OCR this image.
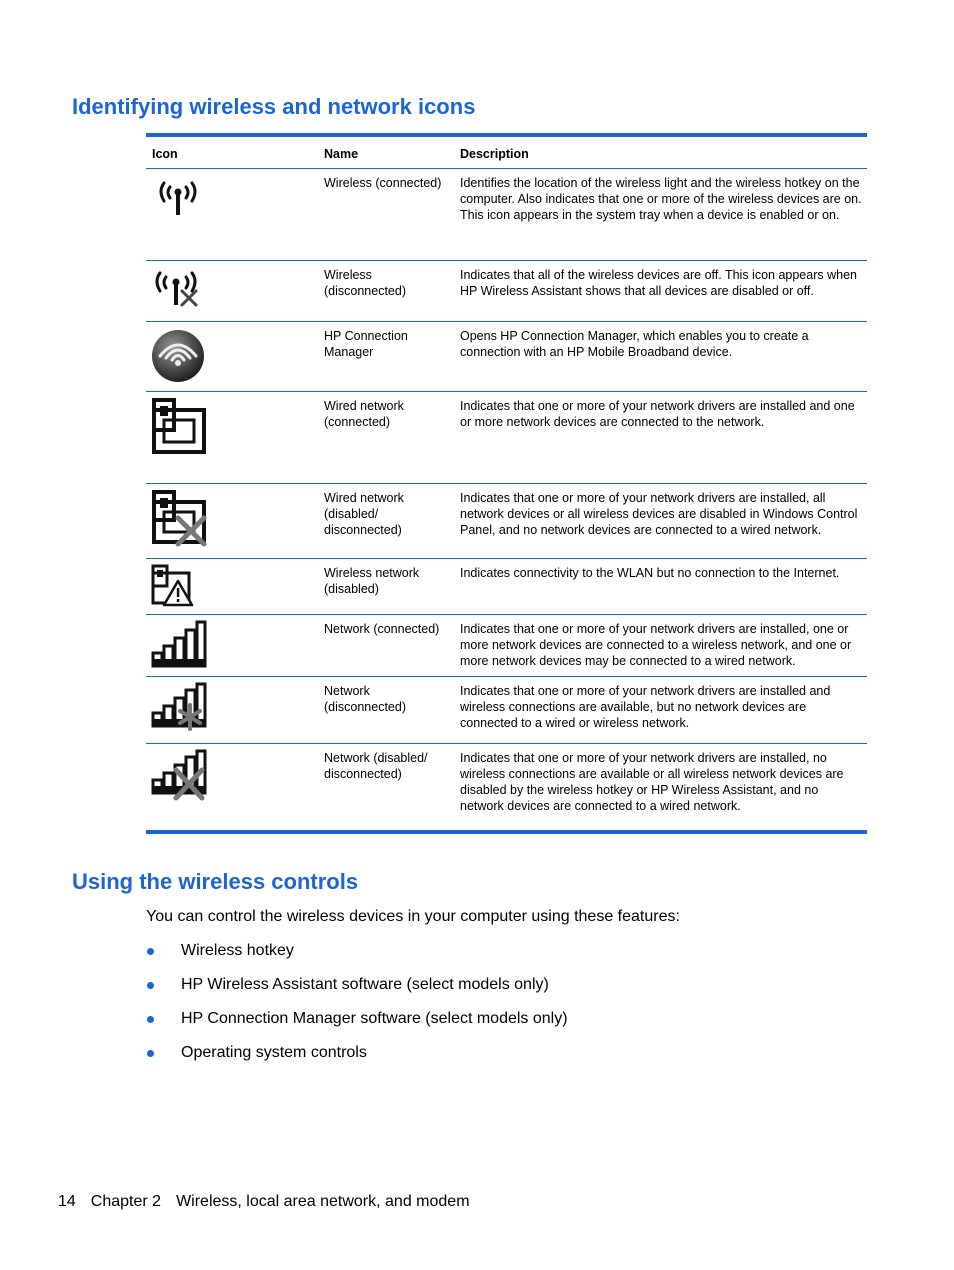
Identifying wireless and network icons
Icon	Name	Description

	Wireless (connected)	Identifies the location of the wireless light and the wireless hotkey on the computer. Also indicates that one or more of the wireless devices are on. This icon appears in the system tray when a device is enabled or on.

	Wireless (disconnected)	Indicates that all of the wireless devices are off. This icon appears when HP Wireless Assistant shows that all devices are disabled or off.

	HP Connection Manager	Opens HP Connection Manager, which enables you to create a connection with an HP Mobile Broadband device.

	Wired network (connected)	Indicates that one or more of your network drivers are installed and one or more network devices are connected to the network.

	Wired network (disabled/ disconnected)	Indicates that one or more of your network drivers are installed, all network devices or all wireless devices are disabled in Windows Control Panel, and no network devices are connected to a wired network.

	Wireless network (disabled)	Indicates connectivity to the WLAN but no connection to the Internet.

	Network (connected)	Indicates that one or more of your network drivers are installed, one or more network devices are connected to a wireless network, and one or more network devices may be connected to a wired network.

	Network (disconnected)	Indicates that one or more of your network drivers are installed and wireless connections are available, but no network devices are connected to a wired or wireless network.

	Network (disabled/ disconnected)	Indicates that one or more of your network drivers are installed, no wireless connections are available or all wireless network devices are disabled by the wireless hotkey or HP Wireless Assistant, and no network devices are connected to a wired network.
Using the wireless controls

You can control the wireless devices in your computer using these features:

Wireless hotkey
HP Wireless Assistant software (select models only)
HP Connection Manager software (select models only)
Operating system controls
14 Chapter 2 Wireless, local area network, and modem
